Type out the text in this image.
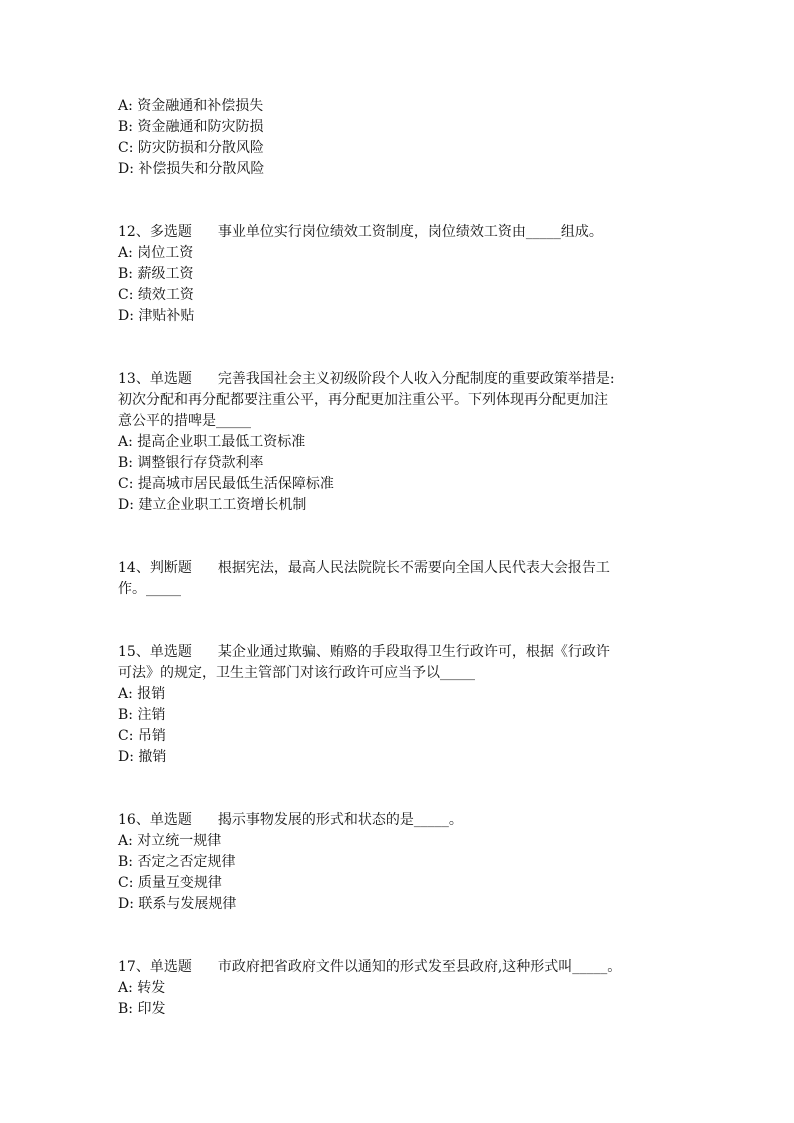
A: 资金融通和补偿损失
B: 资金融通和防灾防损
C: 防灾防损和分散风险
D: 补偿损失和分散风险
12、多选题 事业单位实行岗位绩效工资制度，岗位绩效工资由_____组成。
A: 岗位工资
B: 薪级工资
C: 绩效工资
D: 津贴补贴
13、单选题 完善我国社会主义初级阶段个人收入分配制度的重要政策举措是:
初次分配和再分配都要注重公平，再分配更加注重公平。下列体现再分配更加注
意公平的措啤是_____
A: 提高企业职工最低工资标准
B: 调整银行存贷款利率
C: 提高城市居民最低生活保障标准
D: 建立企业职工工资增长机制
14、判断题 根据宪法，最高人民法院院长不需要向全国人民代表大会报告工
作。_____
15、单选题 某企业通过欺骗、贿赂的手段取得卫生行政许可，根据《行政许
可法》的规定，卫生主管部门对该行政许可应当予以_____
A: 报销
B: 注销
C: 吊销
D: 撤销
16、单选题 揭示事物发展的形式和状态的是_____。
A: 对立统一规律
B: 否定之否定规律
C: 质量互变规律
D: 联系与发展规律
17、单选题 市政府把省政府文件以通知的形式发至县政府,这种形式叫_____。
A: 转发
B: 印发
